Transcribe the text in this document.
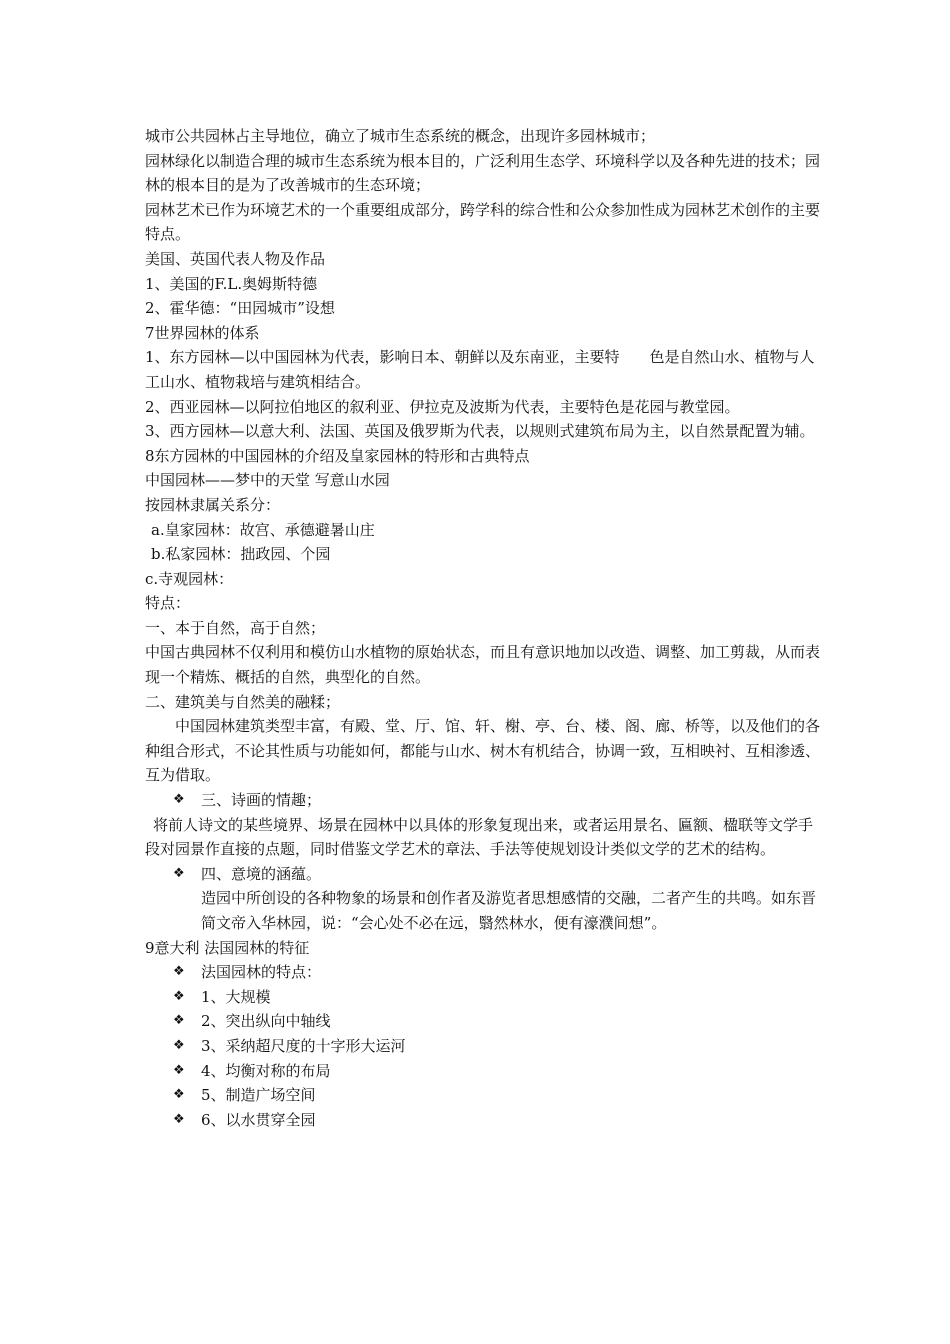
城市公共园林占主导地位，确立了城市生态系统的概念，出现许多园林城市；

园林绿化以制造合理的城市生态系统为根本目的，广泛利用生态学、环境科学以及各种先进的技术；园林的根本目的是为了改善城市的生态环境；

园林艺术已作为环境艺术的一个重要组成部分，跨学科的综合性和公众参加性成为园林艺术创作的主要特点。

美国、英国代表人物及作品

1、美国的F.L.奥姆斯特德

2、霍华德：“田园城市”设想

7世界园林的体系

1、东方园林—以中国园林为代表，影响日本、朝鲜以及东南亚，主要特　　色是自然山水、植物与人工山水、植物栽培与建筑相结合。

2、西亚园林—以阿拉伯地区的叙利亚、伊拉克及波斯为代表，主要特色是花园与教堂园。

3、西方园林—以意大利、法国、英国及俄罗斯为代表，以规则式建筑布局为主，以自然景配置为辅。

8东方园林的中国园林的介绍及皇家园林的特形和古典特点

中国园林——梦中的天堂 写意山水园

按园林隶属关系分：

a.皇家园林：故宫、承德避暑山庄

b.私家园林：拙政园、个园

c.寺观园林：

特点：

一、本于自然，高于自然；

中国古典园林不仅利用和模仿山水植物的原始状态，而且有意识地加以改造、调整、加工剪裁，从而表现一个精炼、概括的自然，典型化的自然。

二、建筑美与自然美的融糅；

中国园林建筑类型丰富，有殿、堂、厅、馆、轩、榭、亭、台、楼、阁、廊、桥等，以及他们的各种组合形式，不论其性质与功能如何，都能与山水、树木有机结合，协调一致，互相映衬、互相渗透、互为借取。

❖ 三、诗画的情趣；

将前人诗文的某些境界、场景在园林中以具体的形象复现出来，或者运用景名、匾额、楹联等文学手段对园景作直接的点题，同时借鉴文学艺术的章法、手法等使规划设计类似文学的艺术的结构。

❖ 四、意境的涵蕴。

造园中所创设的各种物象的场景和创作者及游览者思想感情的交融，二者产生的共鸣。如东晋简文帝入华林园，说：“会心处不必在远，翳然林水，便有濠濮间想”。

9意大利 法国园林的特征

❖ 法国园林的特点：

❖ 1、大规模

❖ 2、突出纵向中轴线

❖ 3、采纳超尺度的十字形大运河

❖ 4、均衡对称的布局

❖ 5、制造广场空间

❖ 6、以水贯穿全园
